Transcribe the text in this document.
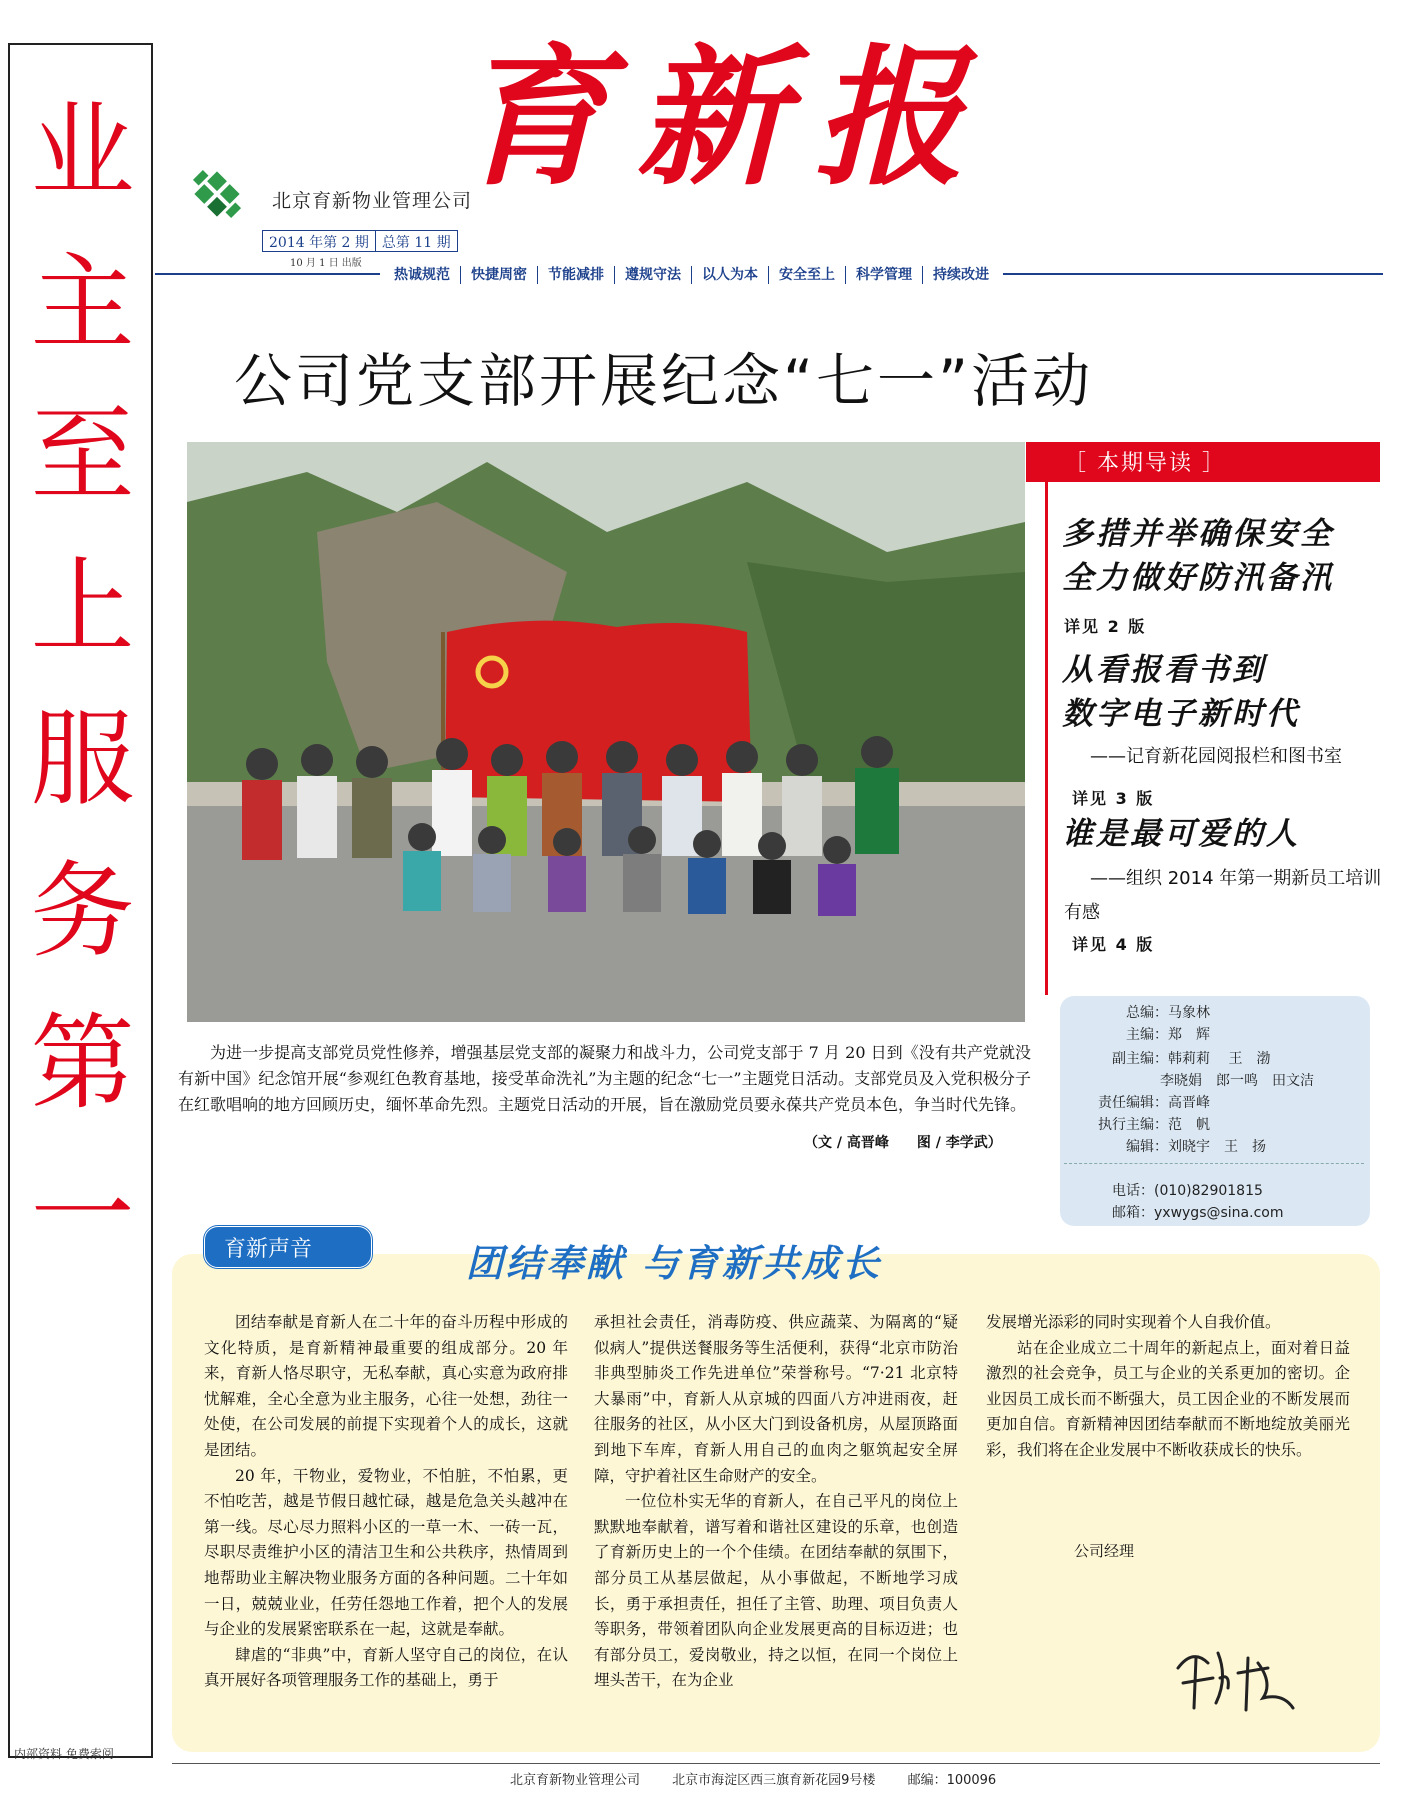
业
主
至
上
服
务
第
一
内部资料 免费索阅
育新报
北京育新物业管理公司
2014 年第 2 期 总第 11 期
10 月 1 日 出版
热诚规范	快捷周密	节能减排	遵规守法	以人为本	安全至上	科学管理	持续改进
公司党支部开展纪念“七一”活动
为进一步提高支部党员党性修养，增强基层党支部的凝聚力和战斗力，公司党支部于 7 月 20 日到《没有共产党就没有新中国》纪念馆开展“参观红色教育基地，接受革命洗礼”为主题的纪念“七一”主题党日活动。支部党员及入党积极分子在红歌唱响的地方回顾历史，缅怀革命先烈。主题党日活动的开展，旨在激励党员要永葆共产党员本色，争当时代先锋。
（文 / 高晋峰　　图 / 李学武）
［ 本期导读 ］
多措并举确保安全
全力做好防汛备汛
详见 2 版
从看报看书到
数字电子新时代
——记育新花园阅报栏和图书室
详见 3 版
谁是最可爱的人
——组织 2014 年第一期新员工培训
有感
详见 4 版
总编：马象林
主编：郑　辉
副主编：韩莉莉　 王　渤
李晓娟　郎一鸣　田文洁
责任编辑：高晋峰
执行主编：范　帆
编辑：刘晓宇　王　扬
电话：(010)82901815
邮箱：yxwygs@sina.com
育新声音	团结奉献 与育新共成长

团结奉献是育新人在二十年的奋斗历程中形成的文化特质，是育新精神最重要的组成部分。20 年来，育新人恪尽职守，无私奉献，真心实意为政府排忧解难，全心全意为业主服务，心往一处想，劲往一处使，在公司发展的前提下实现着个人的成长，这就是团结。

20 年，干物业，爱物业，不怕脏，不怕累，更不怕吃苦，越是节假日越忙碌，越是危急关头越冲在第一线。尽心尽力照料小区的一草一木、一砖一瓦，尽职尽责维护小区的清洁卫生和公共秩序，热情周到地帮助业主解决物业服务方面的各种问题。二十年如一日，兢兢业业，任劳任怨地工作着，把个人的发展与企业的发展紧密联系在一起，这就是奉献。

肆虐的“非典”中，育新人坚守自己的岗位，在认真开展好各项管理服务工作的基础上，勇于

承担社会责任，消毒防疫、供应蔬菜、为隔离的“疑似病人”提供送餐服务等生活便利，获得“北京市防治非典型肺炎工作先进单位”荣誉称号。“7·21 北京特大暴雨”中，育新人从京城的四面八方冲进雨夜，赶往服务的社区，从小区大门到设备机房，从屋顶路面到地下车库，育新人用自己的血肉之躯筑起安全屏障，守护着社区生命财产的安全。

一位位朴实无华的育新人，在自己平凡的岗位上默默地奉献着，谱写着和谐社区建设的乐章，也创造了育新历史上的一个个佳绩。在团结奉献的氛围下，部分员工从基层做起，从小事做起，不断地学习成长，勇于承担责任，担任了主管、助理、项目负责人等职务，带领着团队向企业发展更高的目标迈进；也有部分员工，爱岗敬业，持之以恒，在同一个岗位上埋头苦干，在为企业

发展增光添彩的同时实现着个人自我价值。

站在企业成立二十周年的新起点上，面对着日益激烈的社会竞争，员工与企业的关系更加的密切。企业因员工成长而不断强大，员工因企业的不断发展而更加自信。育新精神因团结奉献而不断地绽放美丽光彩，我们将在企业发展中不断收获成长的快乐。

公司经理
北京育新物业管理公司 北京市海淀区西三旗育新花园9号楼 邮编：100096
